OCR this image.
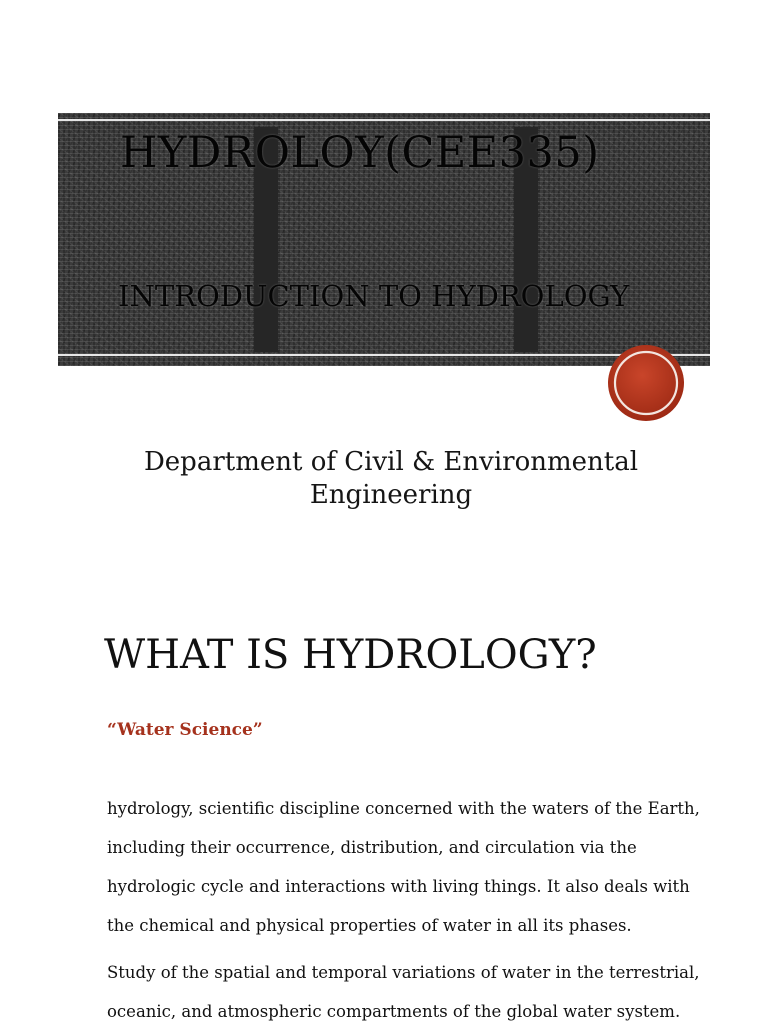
HYDROLOY(CEE335)
INTRODUCTION TO HYDROLOGY
Department of Civil & Environmental Engineering
WHAT IS HYDROLOGY?
“Water Science”
hydrology, scientific discipline concerned with the waters of the Earth, including their occurrence, distribution, and circulation via the hydrologic cycle and interactions with living things. It also deals with the chemical and physical properties of water in all its phases.
Study of the spatial and temporal variations of water in the terrestrial, oceanic, and atmospheric compartments of the global water system.
